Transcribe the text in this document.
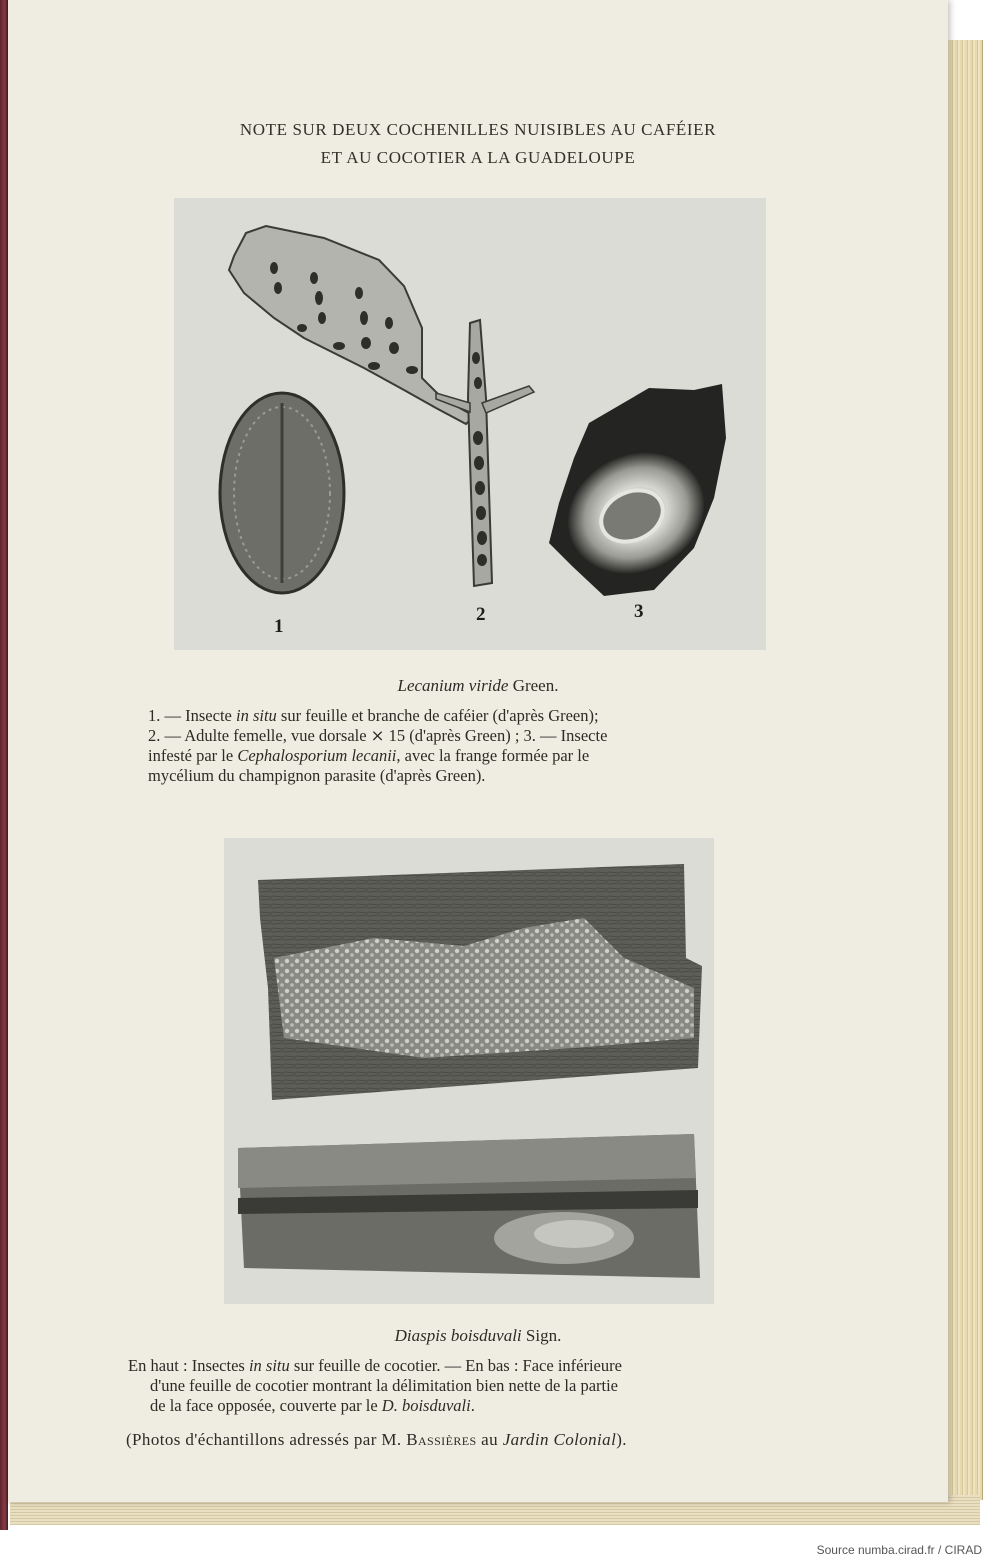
NOTE SUR DEUX COCHENILLES NUISIBLES AU CAFÉIER
ET AU COCOTIER A LA GUADELOUPE
1
2	3
Lecanium viride Green.
1. — Insecte in situ sur feuille et branche de caféier (d'après Green);
2. — Adulte femelle, vue dorsale ⨯ 15 (d'après Green) ; 3. — Insecte
infesté par le Cephalosporium lecanii, avec la frange formée par le
mycélium du champignon parasite (d'après Green).
Diaspis boisduvali Sign.
En haut : Insectes in situ sur feuille de cocotier. — En bas : Face inférieure
d'une feuille de cocotier montrant la délimitation bien nette de la partie
de la face opposée, couverte par le D. boisduvali.
(Photos d'échantillons adressés par M. Bassières au Jardin Colonial).
Source numba.cirad.fr / CIRAD
